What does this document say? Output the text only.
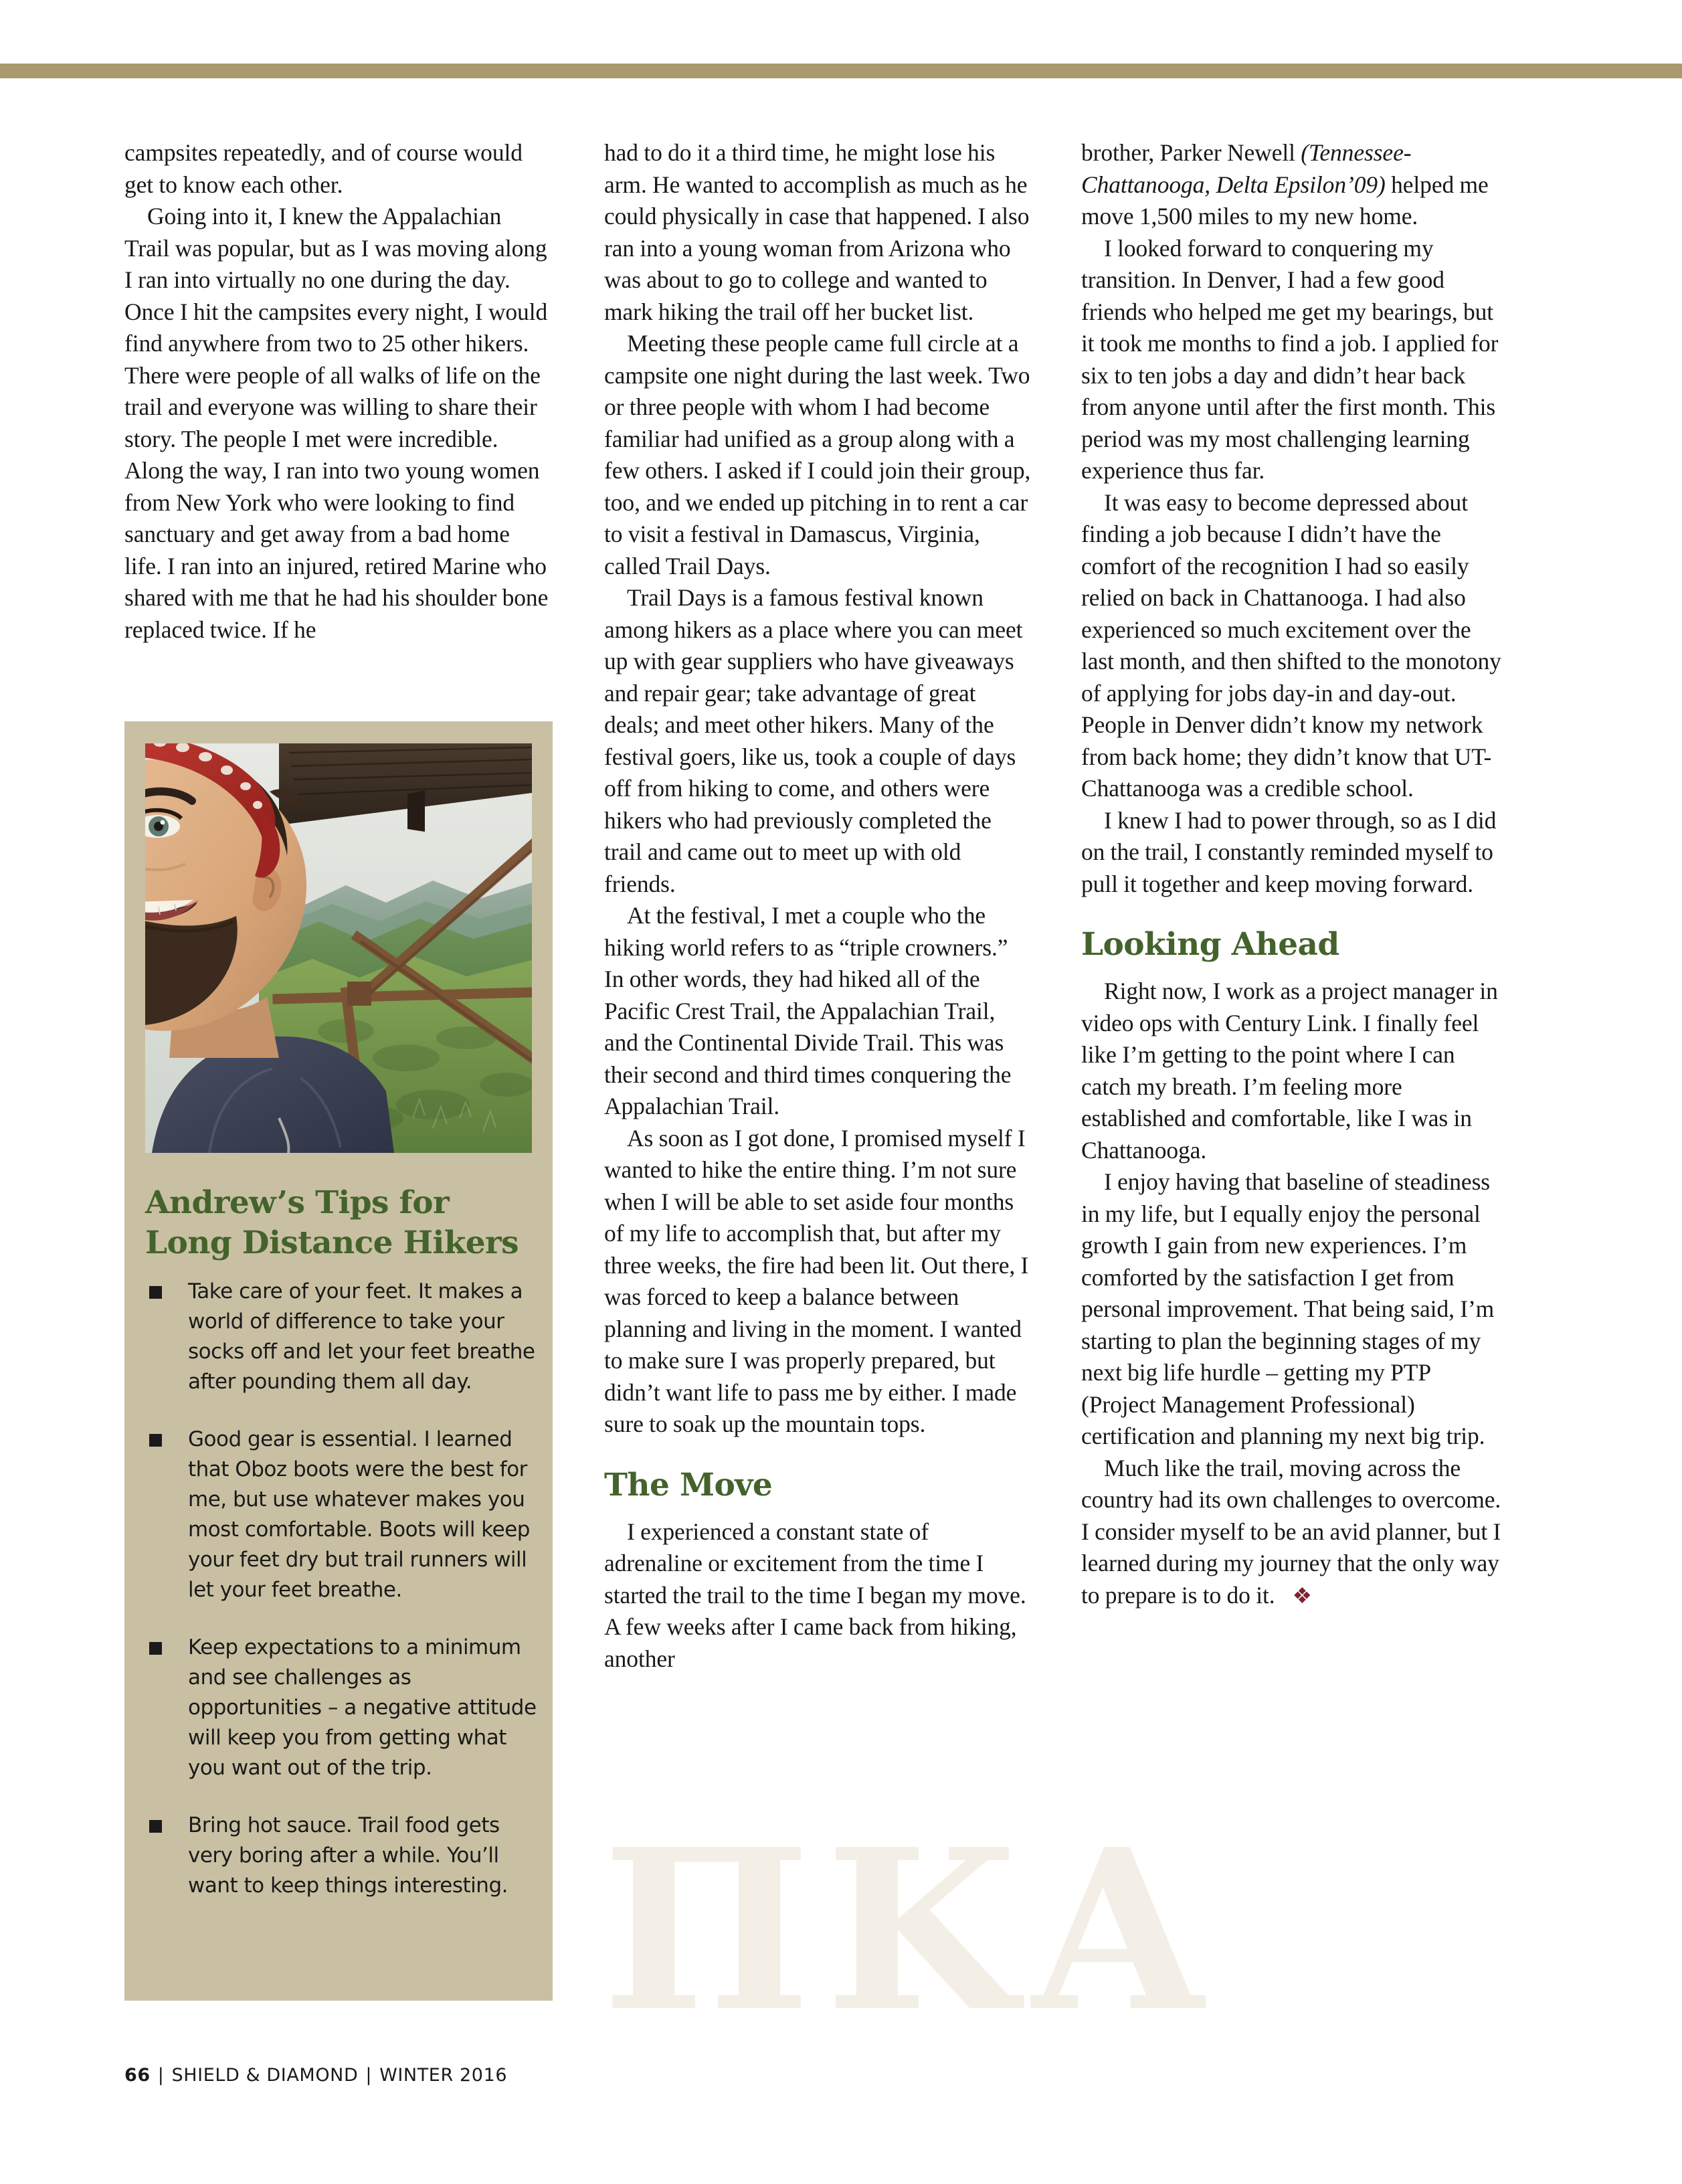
campsites repeatedly, and of course would get to know each other.

Going into it, I knew the Appalachian Trail was popular, but as I was moving along I ran into virtually no one during the day. Once I hit the campsites every night, I would find anywhere from two to 25 other hikers. There were people of all walks of life on the trail and everyone was willing to share their story. The people I met were incredible. Along the way, I ran into two young women from New York who were looking to find sanctuary and get away from a bad home life. I ran into an injured, retired Marine who shared with me that he had his shoulder bone replaced twice. If he

had to do it a third time, he might lose his arm. He wanted to accomplish as much as he could physically in case that happened. I also ran into a young woman from Arizona who was about to go to college and wanted to mark hiking the trail off her bucket list.

Meeting these people came full circle at a campsite one night during the last week. Two or three people with whom I had become familiar had unified as a group along with a few others. I asked if I could join their group, too, and we ended up pitching in to rent a car to visit a festival in Damascus, Virginia, called Trail Days.

Trail Days is a famous festival known among hikers as a place where you can meet up with gear suppliers who have giveaways and repair gear; take advantage of great deals; and meet other hikers. Many of the festival goers, like us, took a couple of days off from hiking to come, and others were hikers who had previously completed the trail and came out to meet up with old friends.

At the festival, I met a couple who the hiking world refers to as “triple crowners.” In other words, they had hiked all of the Pacific Crest Trail, the Appalachian Trail, and the Continental Divide Trail. This was their second and third times conquering the Appalachian Trail.

As soon as I got done, I promised myself I wanted to hike the entire thing. I’m not sure when I will be able to set aside four months of my life to accomplish that, but after my three weeks, the fire had been lit. Out there, I was forced to keep a balance between planning and living in the moment. I wanted to make sure I was properly prepared, but didn’t want life to pass me by either. I made sure to soak up the mountain tops.

The Move

I experienced a constant state of adrenaline or excitement from the time I started the trail to the time I began my move. A few weeks after I came back from hiking, another

brother, Parker Newell (Tennessee-Chattanooga, Delta Epsilon’09) helped me move 1,500 miles to my new home.

I looked forward to conquering my transition. In Denver, I had a few good friends who helped me get my bearings, but it took me months to find a job. I applied for six to ten jobs a day and didn’t hear back from anyone until after the first month. This period was my most challenging learning experience thus far.

It was easy to become depressed about finding a job because I didn’t have the comfort of the recognition I had so easily relied on back in Chattanooga. I had also experienced so much excitement over the last month, and then shifted to the monotony of applying for jobs day-in and day-out. People in Denver didn’t know my network from back home; they didn’t know that UT-Chattanooga was a credible school.

I knew I had to power through, so as I did on the trail, I constantly reminded myself to pull it together and keep moving forward.

Looking Ahead

Right now, I work as a project manager in video ops with Century Link. I finally feel like I’m getting to the point where I can catch my breath. I’m feeling more established and comfortable, like I was in Chattanooga.

I enjoy having that baseline of steadiness in my life, but I equally enjoy the personal growth I gain from new experiences. I’m comforted by the satisfaction I get from personal improvement. That being said, I’m starting to plan the beginning stages of my next big life hurdle – getting my PTP (Project Management Professional) certification and planning my next big trip.

Much like the trail, moving across the country had its own challenges to overcome. I consider myself to be an avid planner, but I learned during my journey that the only way to prepare is to do it. ❖

Andrew’s Tips for
Long Distance Hikers
Take care of your feet. It makes a world of difference to take your socks off and let your feet breathe after pounding them all day.
Good gear is essential. I learned that Oboz boots were the best for me, but use whatever makes you most comfortable. Boots will keep your feet dry but trail runners will let your feet breathe.
Keep expectations to a minimum and see challenges as opportunities – a negative attitude will keep you from getting what you want out of the trip.
Bring hot sauce. Trail food gets very boring after a while. You’ll want to keep things interesting. ΠΚΑ
66 | SHIELD & DIAMOND | WINTER 2016
